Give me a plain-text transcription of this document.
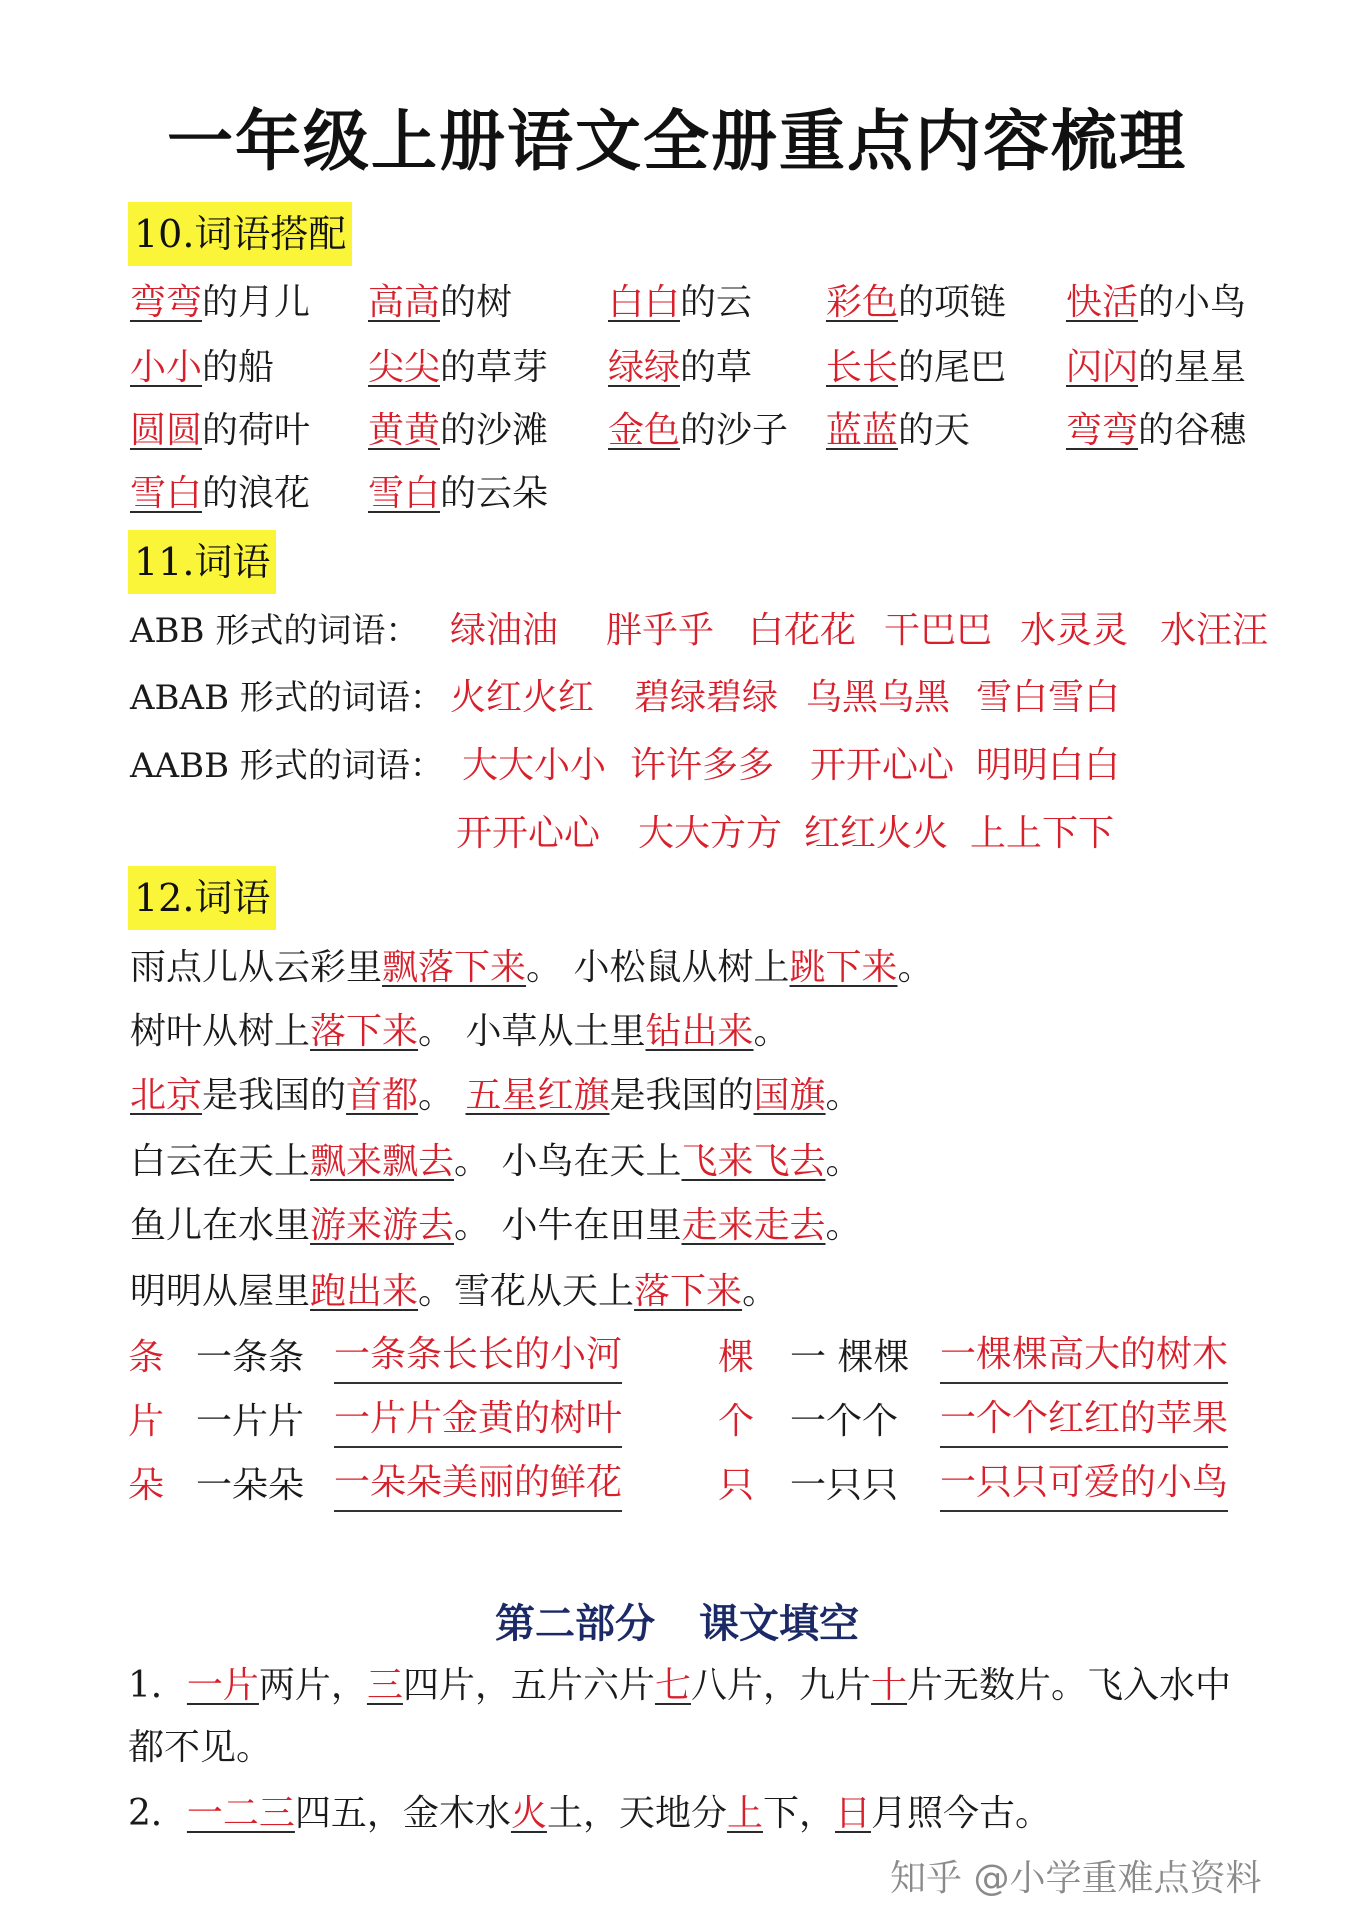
一年级上册语文全册重点内容梳理
10.词语搭配
弯弯的月儿 高高的树	白白的云 彩色的项链 快活的小鸟
小小的船	尖尖的草芽 绿绿的草 长长的尾巴 闪闪的星星
圆圆的荷叶 黄黄的沙滩 金色的沙子 蓝蓝的天	弯弯的谷穗
雪白的浪花 雪白的云朵
11.词语
ABB 形式的词语： 绿油油 胖乎乎 白花花 干巴巴 水灵灵 水汪汪
ABAB 形式的词语： 火红火红 碧绿碧绿 乌黑乌黑 雪白雪白
AABB 形式的词语： 大大小小 许许多多 开开心心 明明白白
开开心心 大大方方 红红火火 上上下下
12.词语
雨点儿从云彩里飘落下来。 小松鼠从树上跳下来。
树叶从树上落下来。 小草从土里钻出来。
北京是我国的首都。 五星红旗是我国的国旗。
白云在天上飘来飘去。 小鸟在天上飞来飞去。
鱼儿在水里游来游去。 小牛在田里走来走去。
明明从屋里跑出来。雪花从天上落下来。
条 一条条 一条条长长的小河	棵 一 棵棵 一棵棵高大的树木
片 一片片 一片片金黄的树叶	个 一个个 一个个红红的苹果
朵 一朵朵 一朵朵美丽的鲜花	只 一只只 一只只可爱的小鸟
第二部分 课文填空
1．一片两片，三四片，五片六片七八片，九片十片无数片。飞入水中
都不见。
2．一二三四五，金木水火土，天地分上下，日月照今古。
知乎 @小学重难点资料
